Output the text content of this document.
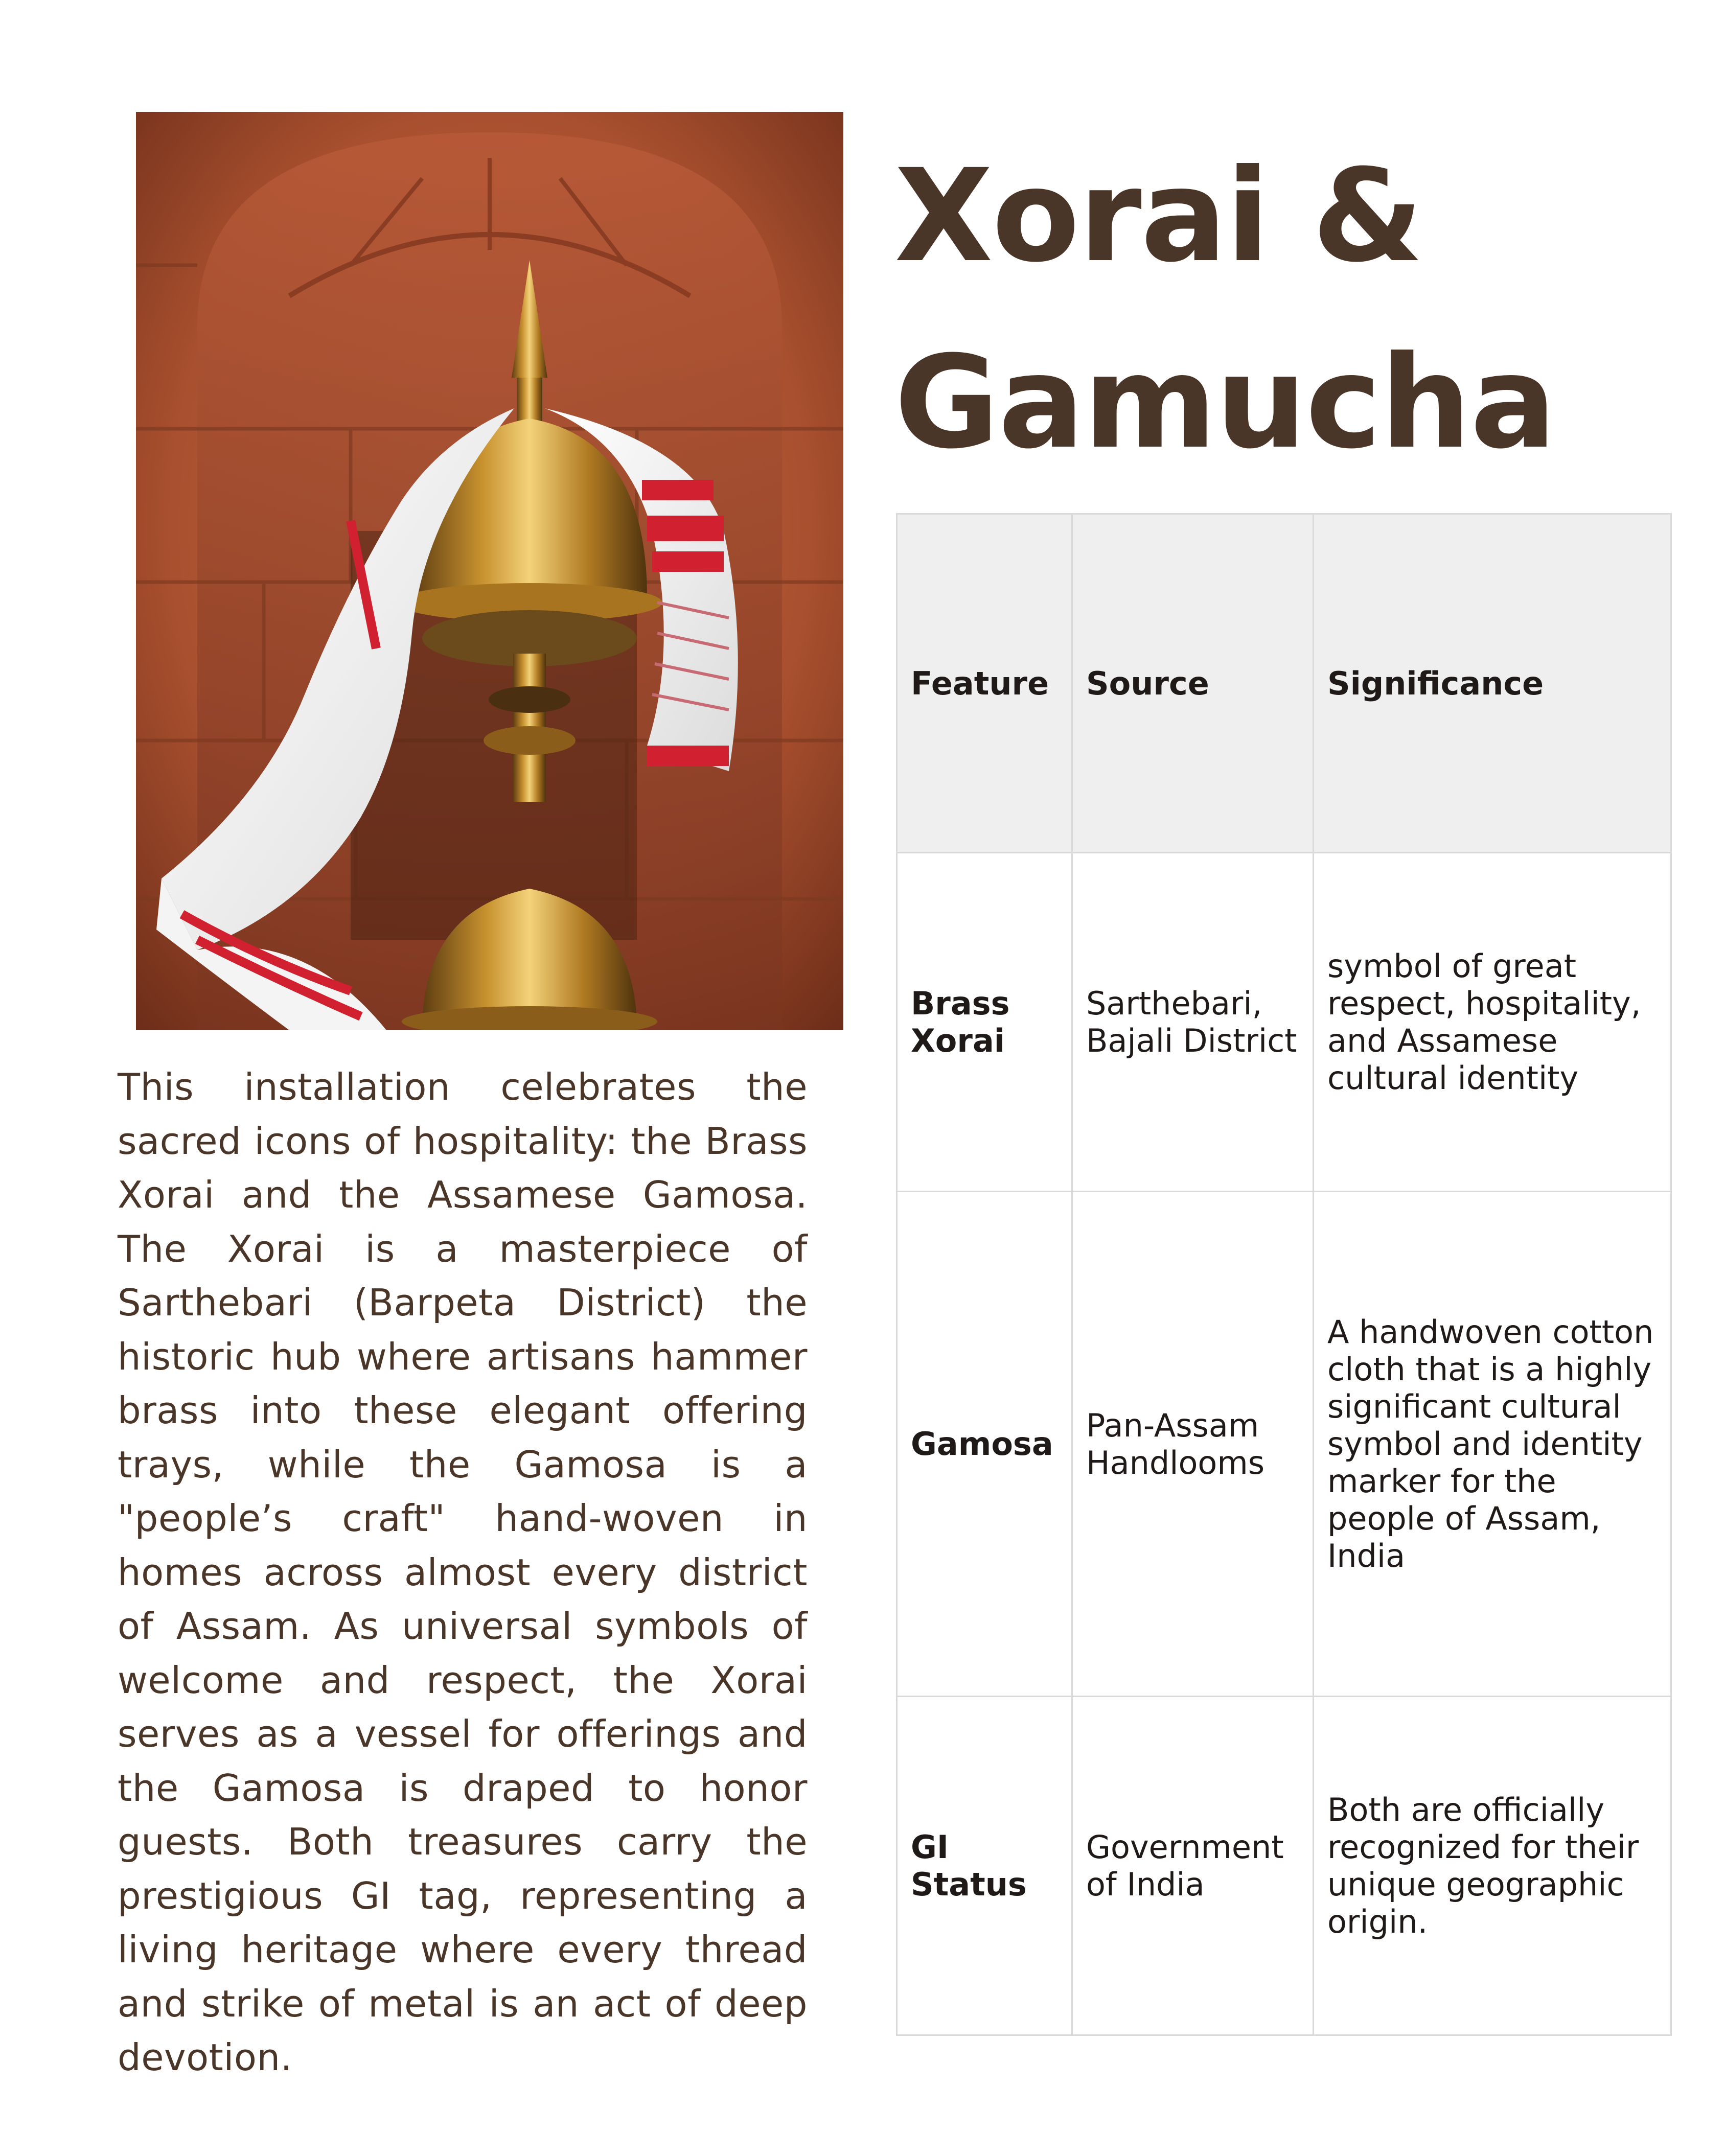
Xorai &
Gamucha

This installation celebrates the sacred icons of hospitality: the Brass Xorai and the Assamese Gamosa. The Xorai is a masterpiece of Sarthebari (Barpeta District) the historic hub where artisans hammer brass into these elegant offering trays, while the Gamosa is a "people’s craft" hand-woven in homes across almost every district of Assam. As universal symbols of welcome and respect, the Xorai serves as a vessel for offerings and the Gamosa is draped to honor guests. Both treasures carry the prestigious GI tag, representing a living heritage where every thread and strike of metal is an act of deep devotion.

Feature	Source	Significance
Brass Xorai	Sarthebari, Bajali District	symbol of great respect, hospitality, and Assamese cultural identity
Gamosa	Pan-Assam Handlooms	A handwoven cotton cloth that is a highly significant cultural symbol and identity marker for the people of Assam, India
GI Status	Government of India	Both are officially recognized for their unique geographic origin.
